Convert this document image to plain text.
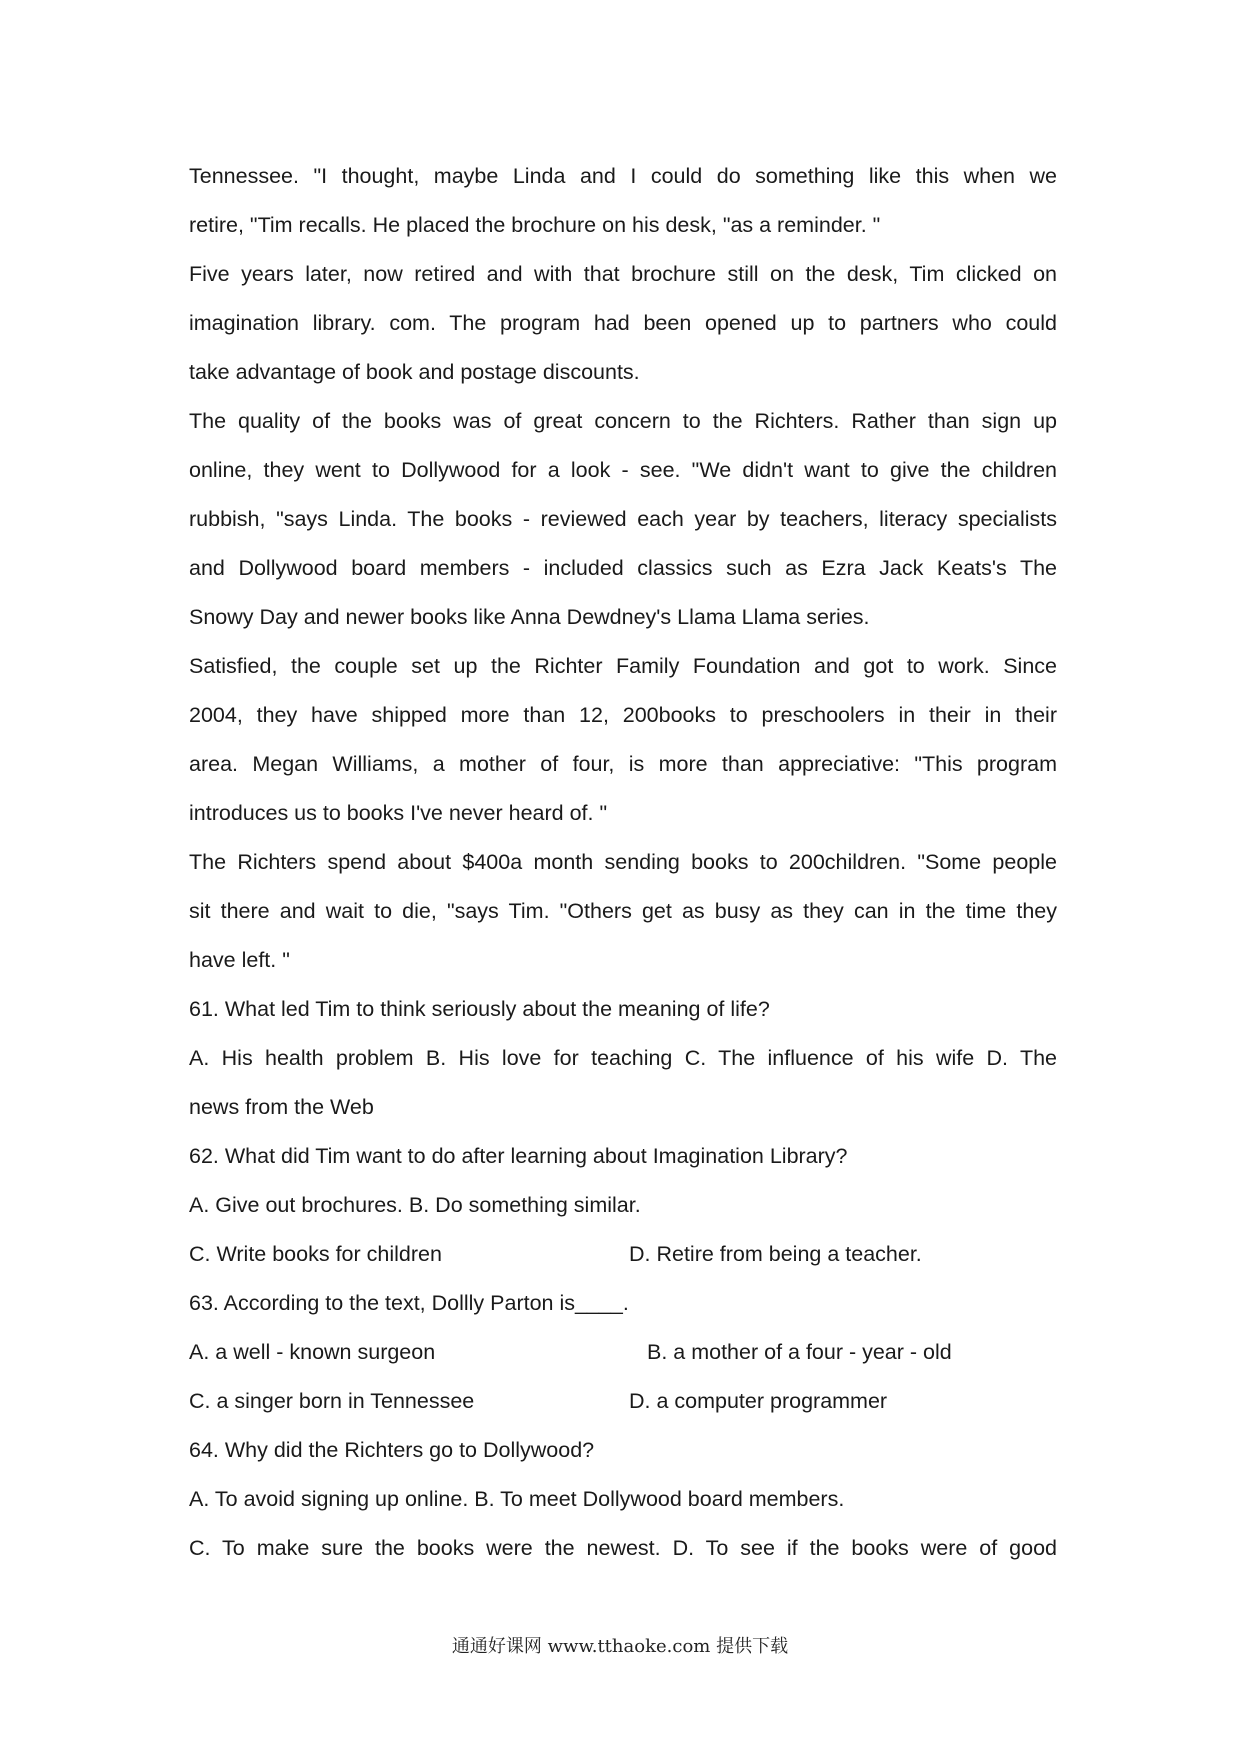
Tennessee. "I thought, maybe Linda and I could do something like this when we
retire, "Tim recalls. He placed the brochure on his desk, "as a reminder. "
Five years later, now retired and with that brochure still on the desk, Tim clicked on
imagination library. com. The program had been opened up to partners who could
take advantage of book and postage discounts.
The quality of the books was of great concern to the Richters. Rather than sign up
online, they went to Dollywood for a look - see. "We didn't want to give the children
rubbish, "says Linda. The books - reviewed each year by teachers, literacy specialists
and Dollywood board members - included classics such as Ezra Jack Keats's The
Snowy Day and newer books like Anna Dewdney's Llama Llama series.
Satisfied, the couple set up the Richter Family Foundation and got to work. Since
2004, they have shipped more than 12, 200books to preschoolers in their in their
area. Megan Williams, a mother of four, is more than appreciative: "This program
introduces us to books I've never heard of. "
The Richters spend about $400a month sending books to 200children. "Some people
sit there and wait to die, "says Tim. "Others get as busy as they can in the time they
have left. "
61. What led Tim to think seriously about the meaning of life?
A. His health problem B. His love for teaching C. The influence of his wife D. The
news from the Web
62. What did Tim want to do after learning about Imagination Library?
A. Give out brochures. B. Do something similar.
C. Write books for children	D. Retire from being a teacher.
63. According to the text, Dollly Parton is____.
A. a well - known surgeon	B. a mother of a four - year - old
C. a singer born in Tennessee	D. a computer programmer
64. Why did the Richters go to Dollywood?
A. To avoid signing up online. B. To meet Dollywood board members.
C. To make sure the books were the newest. D. To see if the books were of good
通通好课网 www.tthaoke.com 提供下载
